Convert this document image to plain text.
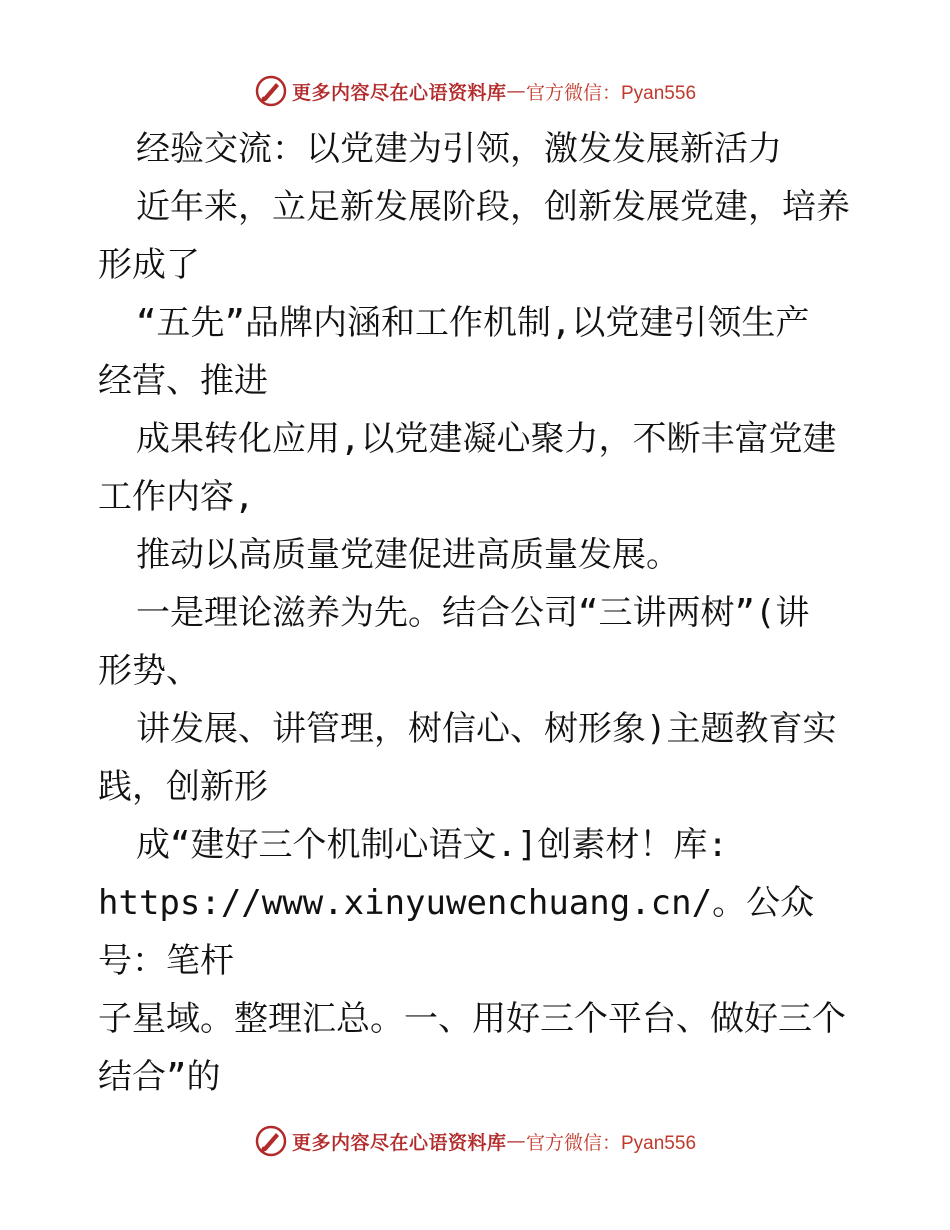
更多内容尽在心语资料库 — 官方微信：Pyan556

经验交流：以党建为引领，激发发展新活力

近年来，立足新发展阶段，创新发展党建，培养

形成了

“五先”品牌内涵和工作机制,以党建引领生产

经营、推进

成果转化应用,以党建凝心聚力，不断丰富党建

工作内容,

推动以高质量党建促进高质量发展。

一是理论滋养为先。结合公司“三讲两树”(讲

形势、

讲发展、讲管理，树信心、树形象)主题教育实

践，创新形

成“建好三个机制心语文.]创素材！库:

https://www.xinyuwenchuang.cn/。公众号：笔杆

子星域。整理汇总。一、用好三个平台、做好三个

结合”的

更多内容尽在心语资料库 — 官方微信：Pyan556
